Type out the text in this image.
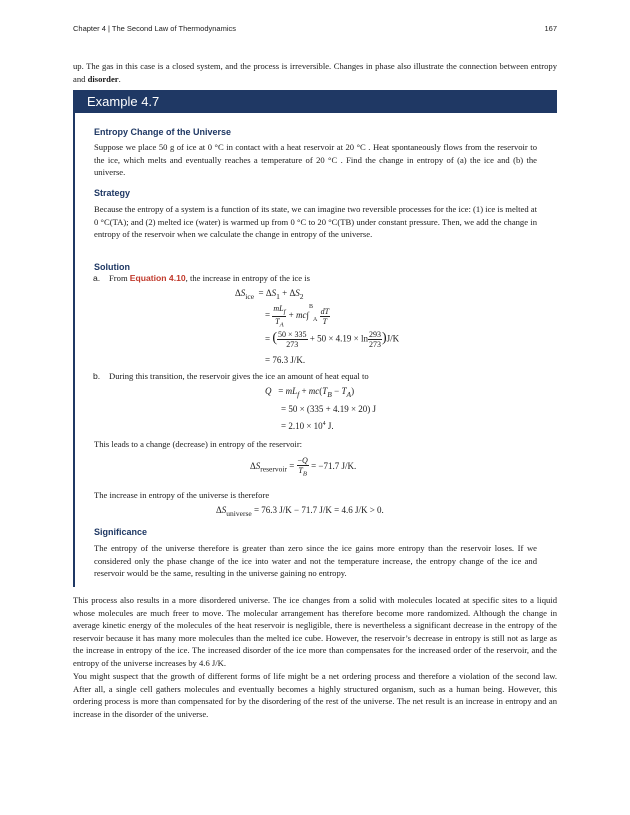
Chapter 4 | The Second Law of Thermodynamics	167
up. The gas in this case is a closed system, and the process is irreversible. Changes in phase also illustrate the connection between entropy and disorder.
Example 4.7
Entropy Change of the Universe
Suppose we place 50 g of ice at 0 °C in contact with a heat reservoir at 20 °C . Heat spontaneously flows from the reservoir to the ice, which melts and eventually reaches a temperature of 20 °C . Find the change in entropy of (a) the ice and (b) the universe.
Strategy
Because the entropy of a system is a function of its state, we can imagine two reversible processes for the ice: (1) ice is melted at 0 °C(TA); and (2) melted ice (water) is warmed up from 0 °C to 20 °C(TB) under constant pressure. Then, we add the change in entropy of the reservoir when we calculate the change in entropy of the universe.
Solution
a. From Equation 4.10, the increase in entropy of the ice is
$\Delta S_{ice} = \Delta S_1 + \Delta S_2$
= $\frac{mL_f}{T_A} + mc\int^B_A \frac{dT}{T}$
= ( $\frac{50 \times 335}{273} + 50 \times 4.19 \times \ln \frac{293}{273} )J/K$
= 76.3 J/K.
b. During this transition, the reservoir gives the ice an amount of heat equal to
$Q = mL_f + mc(T_B - T_A)$
= 50 × (335 + 4.19 × 20) J
= $2.10 \times 10^4$ J.
This leads to a change (decrease) in entropy of the reservoir:
$\Delta S_{reservoir} = \frac{-Q}{T_B} = -71.7$ J/K.
The increase in entropy of the universe is therefore
$\Delta S_{universe} = 76.3$ J/K − 71.7 J/K = 4.6 J/K > 0.
Significance
The entropy of the universe therefore is greater than zero since the ice gains more entropy than the reservoir loses. If we considered only the phase change of the ice into water and not the temperature increase, the entropy change of the ice and reservoir would be the same, resulting in the universe gaining no entropy.
This process also results in a more disordered universe. The ice changes from a solid with molecules located at specific sites to a liquid whose molecules are much freer to move. The molecular arrangement has therefore become more randomized. Although the change in average kinetic energy of the molecules of the heat reservoir is negligible, there is nevertheless a significant decrease in the entropy of the reservoir because it has many more molecules than the melted ice cube. However, the reservoir’s decrease in entropy is still not as large as the increase in entropy of the ice. The increased disorder of the ice more than compensates for the increased order of the reservoir, and the entropy of the universe increases by 4.6 J/K.
You might suspect that the growth of different forms of life might be a net ordering process and therefore a violation of the second law. After all, a single cell gathers molecules and eventually becomes a highly structured organism, such as a human being. However, this ordering process is more than compensated for by the disordering of the rest of the universe. The net result is an increase in entropy and an increase in the disorder of the universe.
